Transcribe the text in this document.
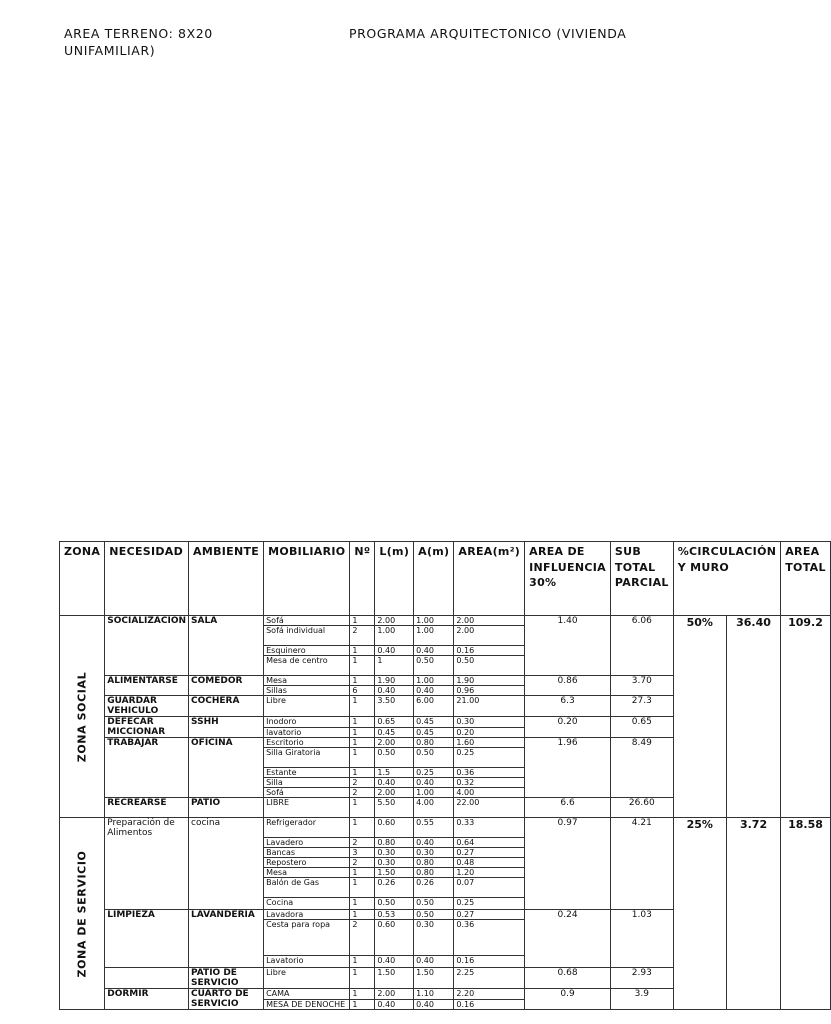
AREA TERRENO: 8X20	PROGRAMA ARQUITECTONICO (VIVIENDA
UNIFAMILIAR)
ZONA	NECESIDAD	AMBIENTE	MOBILIARIO	Nº	L(m)	A(m)	AREA(m²)	AREA DE INFLUENCIA 30%	SUB TOTAL PARCIAL	%CIRCULACIÓN Y MURO		AREA TOTAL

ZONA SOCIAL	SOCIALIZACION	SALA	Sofá	1	2.00	1.00	2.00	1.40	6.06	50%	36.40	109.2
			Sofá individual	2	1.00	1.00	2.00					
			Esquinero	1	0.40	0.40	0.16					
			Mesa de centro	1	1	0.50	0.50					
	ALIMENTARSE	COMEDOR	Mesa	1	1.90	1.00	1.90	0.86	3.70			
			Sillas	6	0.40	0.40	0.96					
	GUARDAR VEHICULO	COCHERA	Libre	1	3.50	6.00	21.00	6.3	27.3			
	DEFECAR MICCIONAR	SSHH	Inodoro	1	0.65	0.45	0.30	0.20	0.65			
			lavatorio	1	0.45	0.45	0.20					
	TRABAJAR	OFICINA	Escritorio	1	2.00	0.80	1.60	1.96	8.49			
			Silla Giratoria	1	0.50	0.50	0.25					
			Estante	1	1.5	0.25	0.36					
			Silla	2	0.40	0.40	0.32					
			Sofá	2	2.00	1.00	4.00					
	RECREARSE	PATIO	LIBRE	1	5.50	4.00	22.00	6.6	26.60			

ZONA DE SERVICIO	Preparación de Alimentos	cocina	Refrigerador	1	0.60	0.55	0.33	0.97	4.21	25%	3.72	18.58
			Lavadero	2	0.80	0.40	0.64					
			Bancas	3	0.30	0.30	0.27					
			Repostero	2	0.30	0.80	0.48					
			Mesa	1	1.50	0.80	1.20					
			Balón de Gas	1	0.26	0.26	0.07					
			Cocina	1	0.50	0.50	0.25					
	LIMPIEZA	LAVANDERIA	Lavadora	1	0.53	0.50	0.27	0.24	1.03			
			Cesta para ropa	2	0.60	0.30	0.36					
			Lavatorio	1	0.40	0.40	0.16					
		PATIO DE SERVICIO	Libre	1	1.50	1.50	2.25	0.68	2.93			
	DORMIR	CUARTO DE SERVICIO	CAMA	1	2.00	1.10	2.20	0.9	3.9			
			MESA DE DENOCHE	1	0.40	0.40	0.16					
